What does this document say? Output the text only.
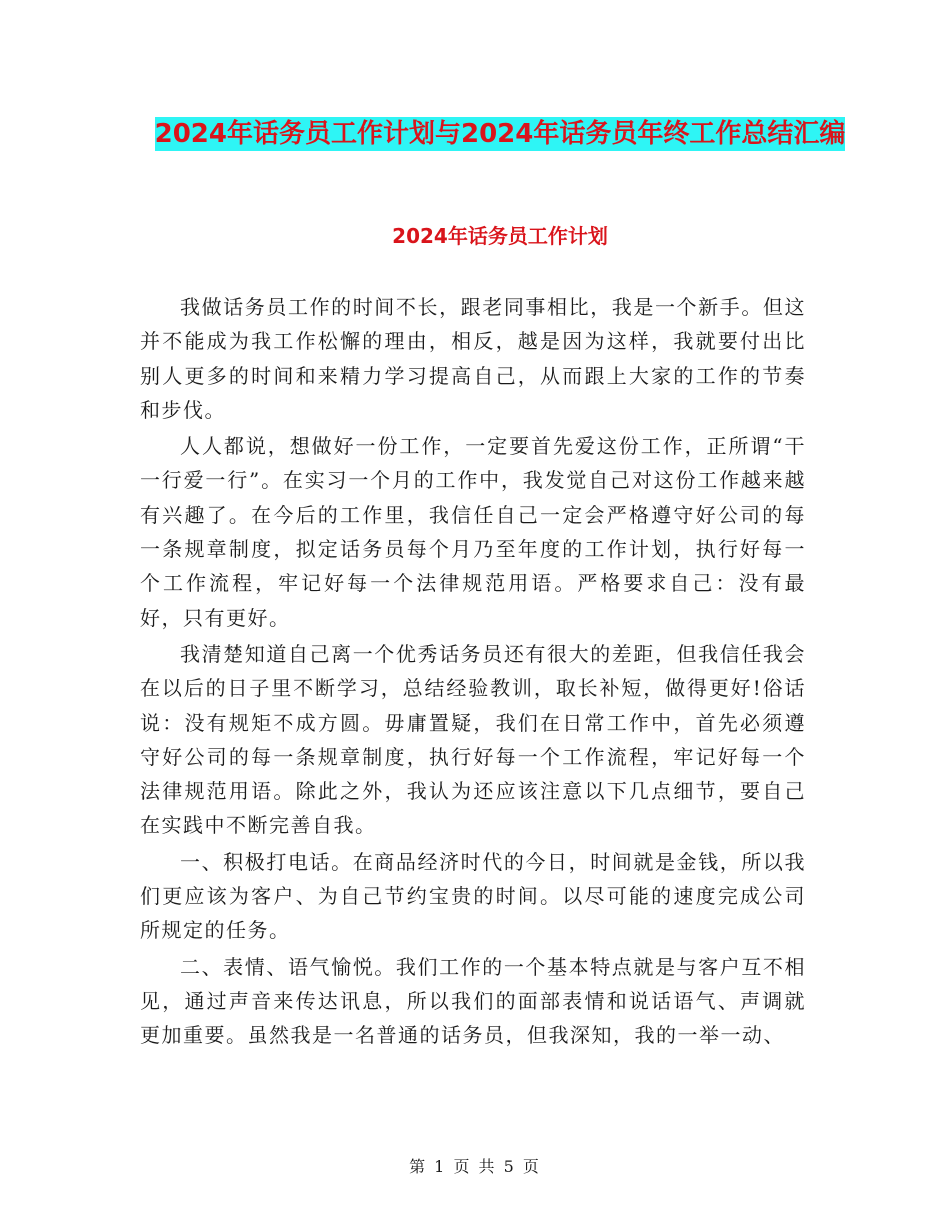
2024年话务员工作计划与2024年话务员年终工作总结汇编
2024年话务员工作计划

我做话务员工作的时间不长，跟老同事相比，我是一个新手。但这并不能成为我工作松懈的理由，相反，越是因为这样，我就要付出比别人更多的时间和来精力学习提高自己，从而跟上大家的工作的节奏和步伐。

人人都说，想做好一份工作，一定要首先爱这份工作，正所谓“干一行爱一行”。在实习一个月的工作中，我发觉自己对这份工作越来越有兴趣了。在今后的工作里，我信任自己一定会严格遵守好公司的每一条规章制度，拟定话务员每个月乃至年度的工作计划，执行好每一个工作流程，牢记好每一个法律规范用语。严格要求自己：没有最好，只有更好。

我清楚知道自己离一个优秀话务员还有很大的差距，但我信任我会在以后的日子里不断学习，总结经验教训，取长补短，做得更好!俗话说：没有规矩不成方圆。毋庸置疑，我们在日常工作中，首先必须遵守好公司的每一条规章制度，执行好每一个工作流程，牢记好每一个法律规范用语。除此之外，我认为还应该注意以下几点细节，要自己在实践中不断完善自我。

一、积极打电话。在商品经济时代的今日，时间就是金钱，所以我们更应该为客户、为自己节约宝贵的时间。以尽可能的速度完成公司所规定的任务。

二、表情、语气愉悦。我们工作的一个基本特点就是与客户互不相见，通过声音来传达讯息，所以我们的面部表情和说话语气、声调就更加重要。虽然我是一名普通的话务员，但我深知，我的一举一动、

第 1 页 共 5 页
